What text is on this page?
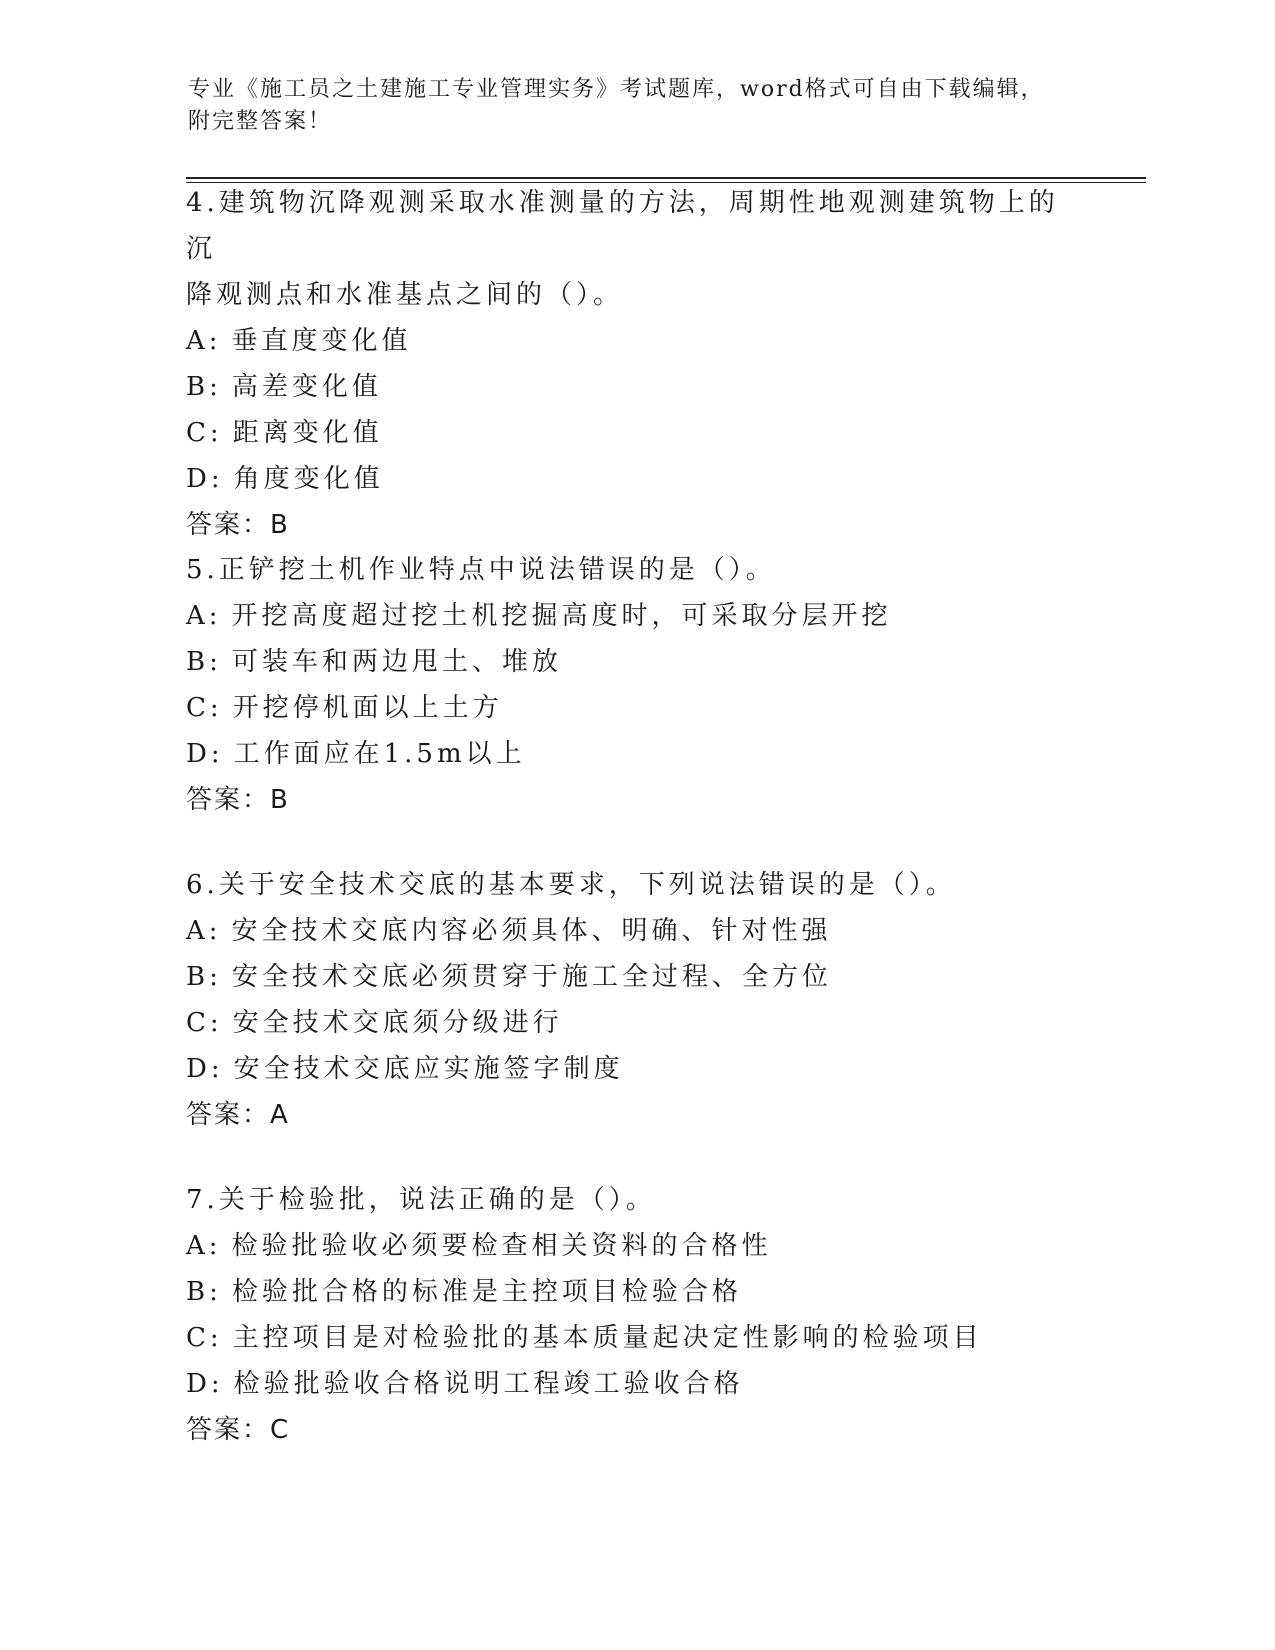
专业《施工员之土建施工专业管理实务》考试题库，word格式可自由下载编辑，
附完整答案！

4.建筑物沉降观测采取水准测量的方法，周期性地观测建筑物上的沉

降观测点和水准基点之间的（）。

A: 垂直度变化值

B: 高差变化值

C: 距离变化值

D: 角度变化值

答案：B

5.正铲挖土机作业特点中说法错误的是（）。

A: 开挖高度超过挖土机挖掘高度时，可采取分层开挖

B: 可装车和两边甩土、堆放

C: 开挖停机面以上土方

D: 工作面应在1.5m以上

答案：B

6.关于安全技术交底的基本要求，下列说法错误的是（）。

A: 安全技术交底内容必须具体、明确、针对性强

B: 安全技术交底必须贯穿于施工全过程、全方位

C: 安全技术交底须分级进行

D: 安全技术交底应实施签字制度

答案：A

7.关于检验批，说法正确的是（）。

A: 检验批验收必须要检查相关资料的合格性

B: 检验批合格的标准是主控项目检验合格

C: 主控项目是对检验批的基本质量起决定性影响的检验项目

D: 检验批验收合格说明工程竣工验收合格

答案：C
